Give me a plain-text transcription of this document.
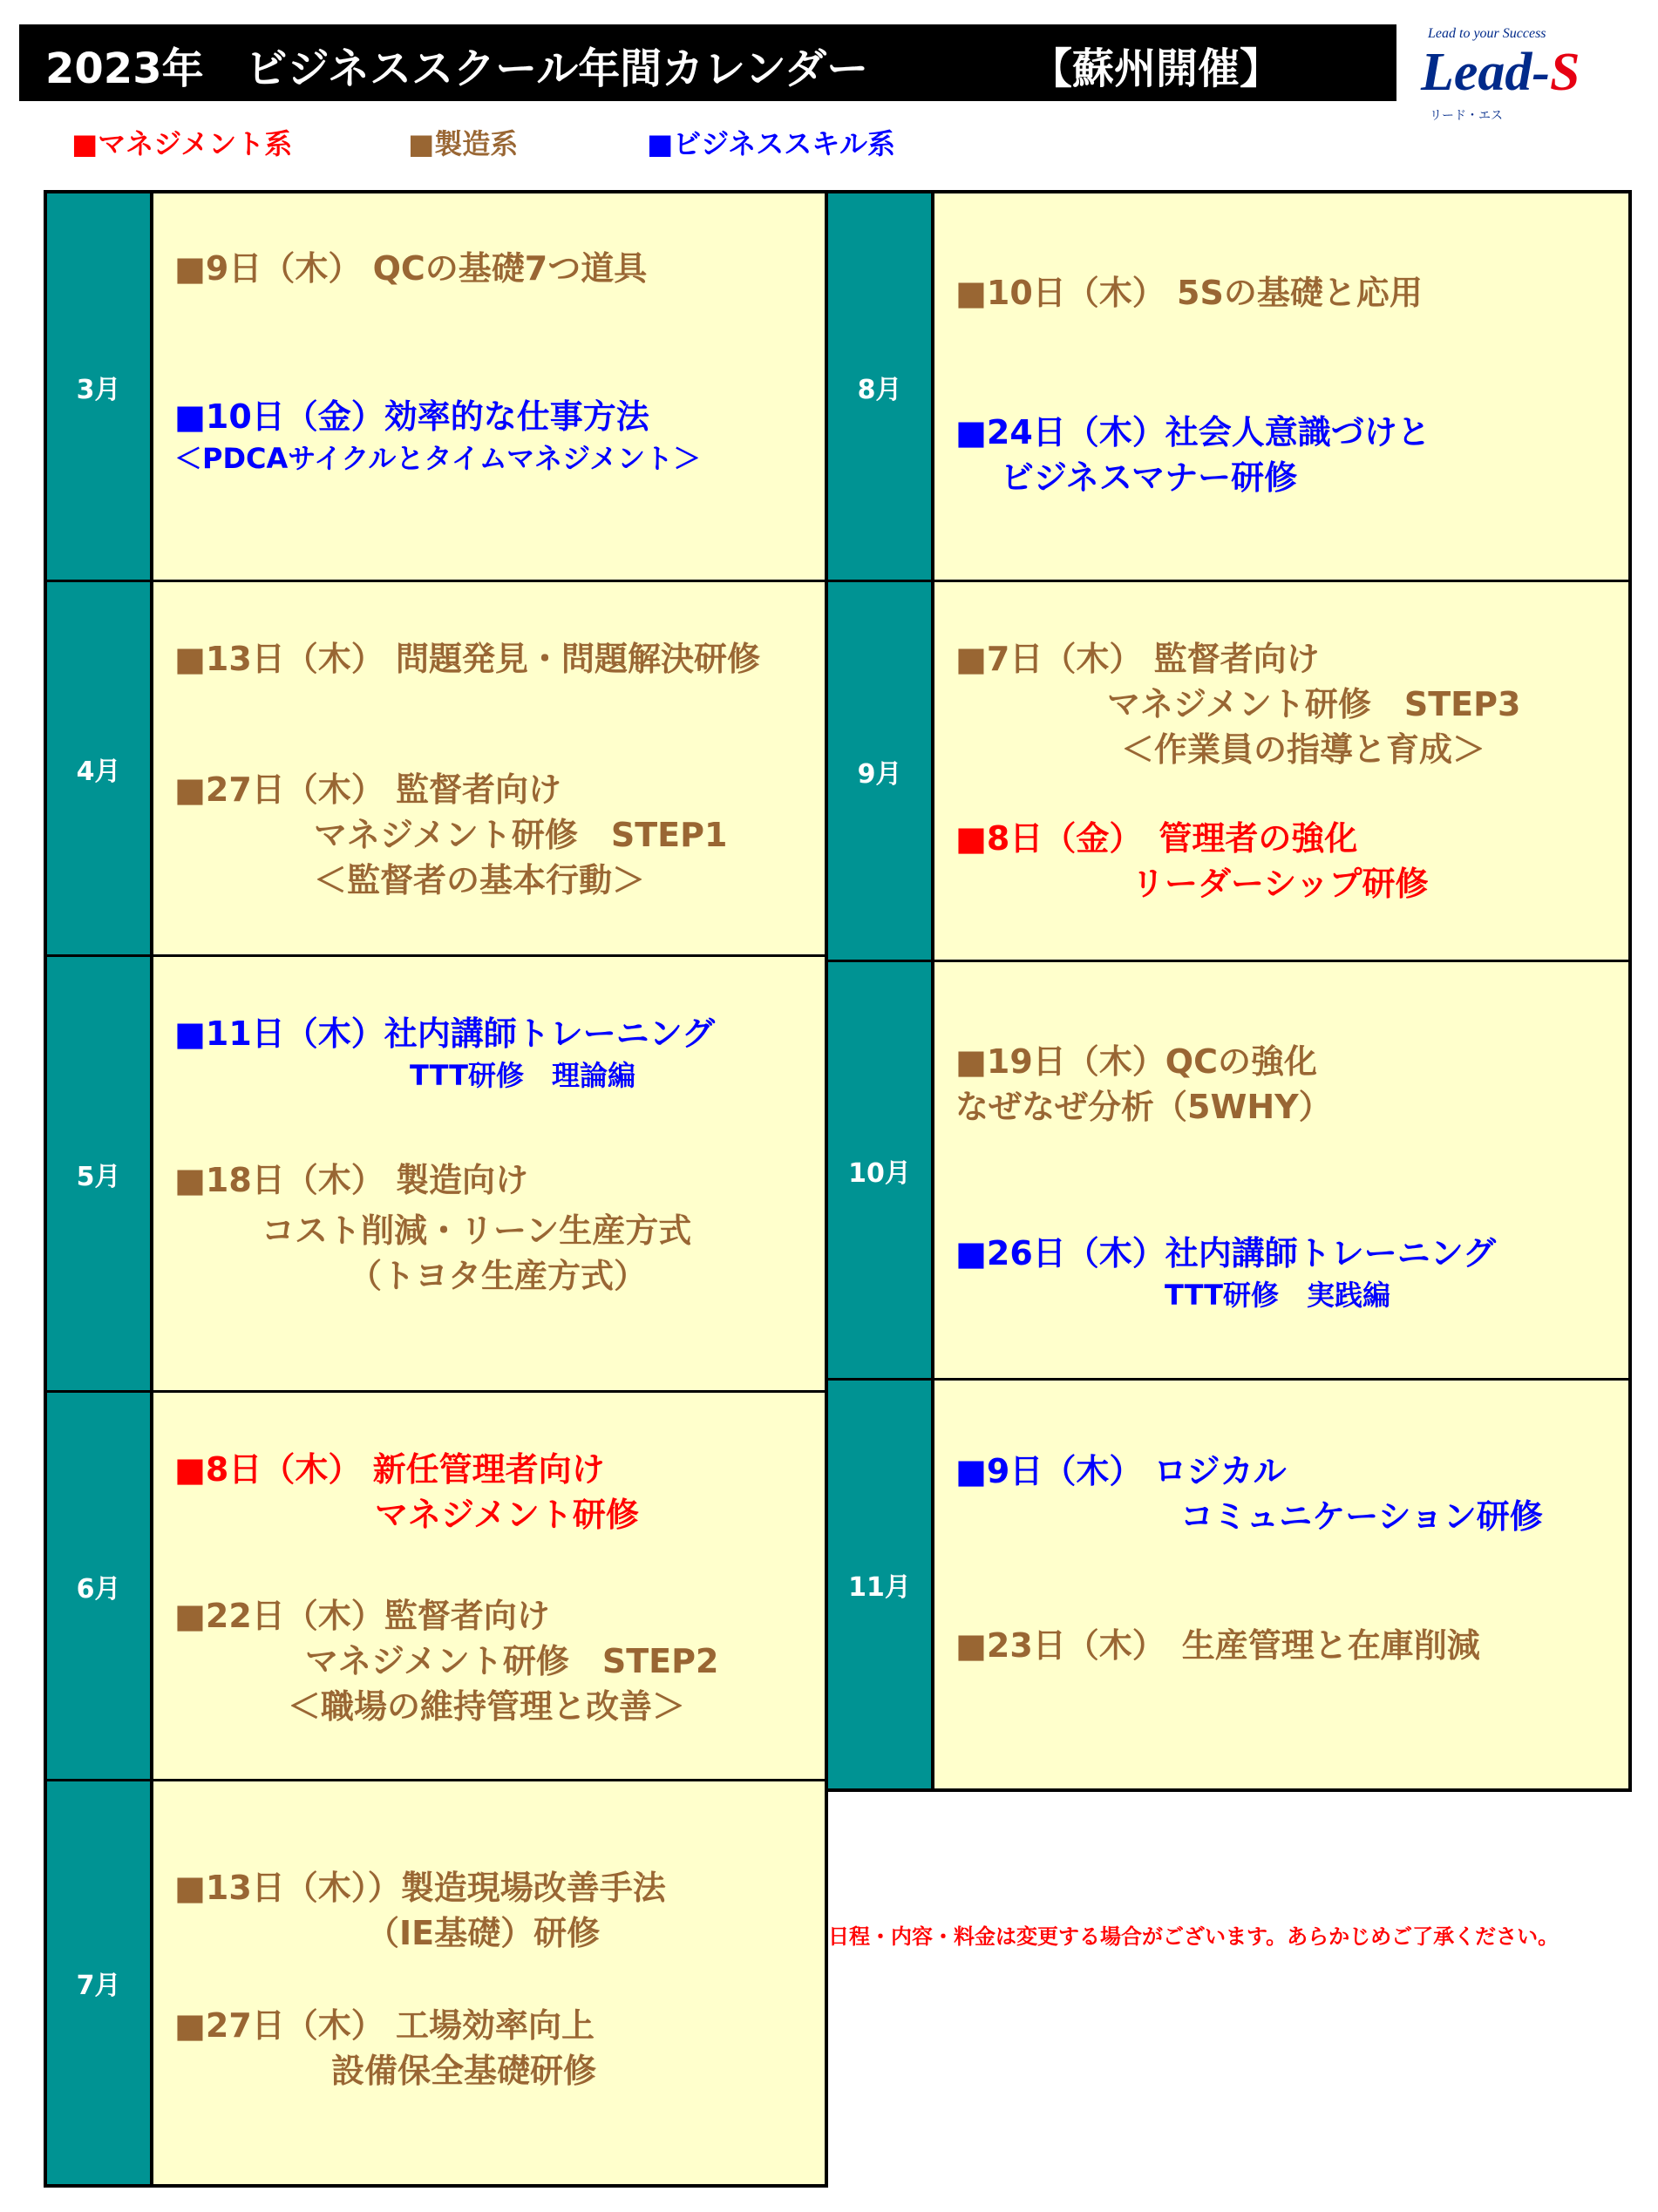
2023年　ビジネススクール年間カレンダー	【蘇州開催】
Lead to your Success
Lead-S
リード・エス
■マネジメント系	■製造系	■ビジネススキル系
3月
■9日（木） QCの基礎7つ道具
■10日（金）効率的な仕事方法
＜PDCAサイクルとタイムマネジメント＞
4月
■13日（木） 問題発見・問題解決研修
■27日（木） 監督者向け
マネジメント研修　STEP1
＜監督者の基本行動＞
5月
■11日（木）社内講師トレーニング
TTT研修　理論編
■18日（木） 製造向け
コスト削減・リーン生産方式
（トヨタ生産方式）
6月
■8日（木） 新任管理者向け
マネジメント研修
■22日（木）監督者向け
マネジメント研修　STEP2
＜職場の維持管理と改善＞
7月
■13日（木））製造現場改善手法
（IE基礎）研修
■27日（木） 工場効率向上
設備保全基礎研修
8月
■10日（木） 5Sの基礎と応用
■24日（木）社会人意識づけと
ビジネスマナー研修
9月
■7日（木） 監督者向け
マネジメント研修　STEP3
＜作業員の指導と育成＞
■8日（金）　管理者の強化
リーダーシップ研修
10月
■19日（木）QCの強化
なぜなぜ分析（5WHY）
■26日（木）社内講師トレーニング
TTT研修　実践編
11月
■9日（木） ロジカル
コミュニケーション研修
■23日（木）　生産管理と在庫削減
日程・内容・料金は変更する場合がございます。あらかじめご了承ください。
